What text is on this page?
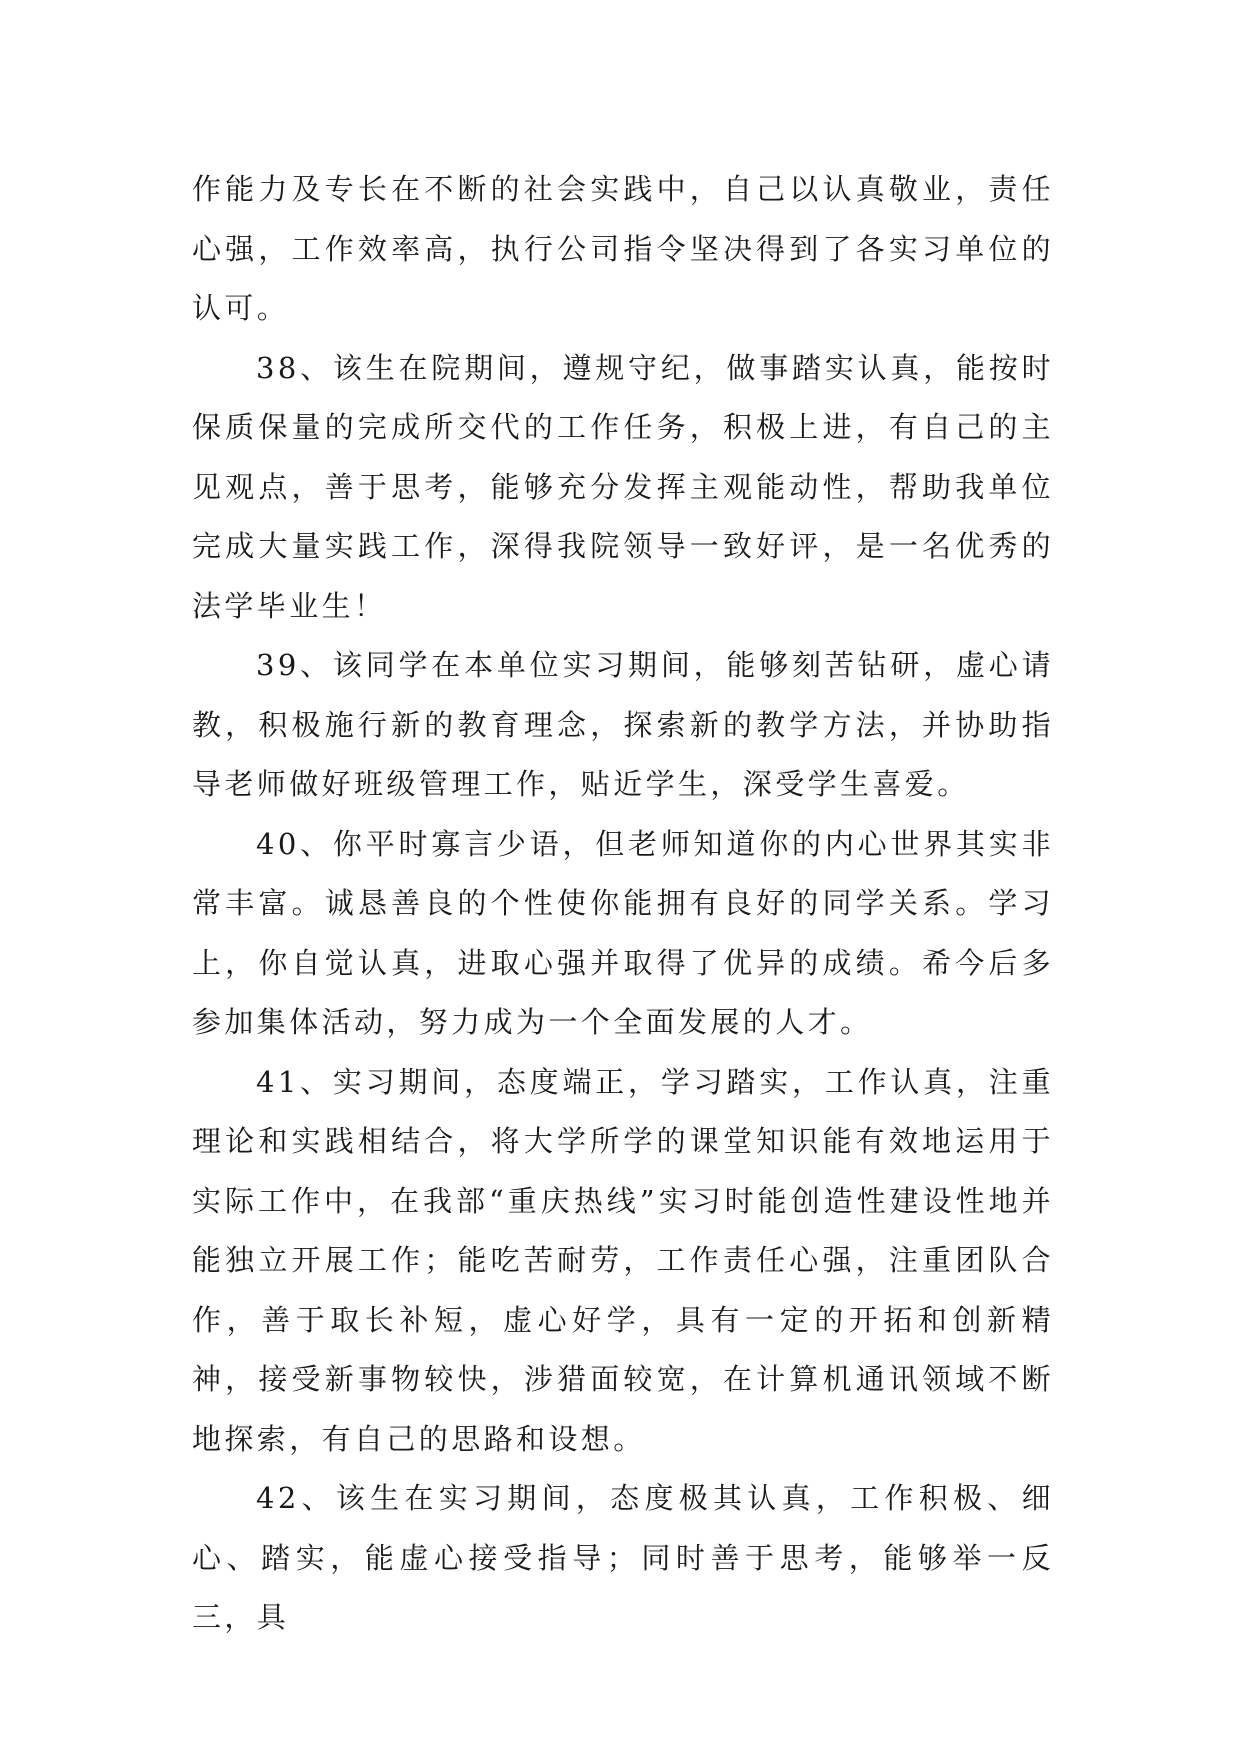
作能力及专长在不断的社会实践中，自己以认真敬业，责任心强，工作效率高，执行公司指令坚决得到了各实习单位的认可。

38、该生在院期间，遵规守纪，做事踏实认真，能按时保质保量的完成所交代的工作任务，积极上进，有自己的主见观点，善于思考，能够充分发挥主观能动性，帮助我单位完成大量实践工作，深得我院领导一致好评，是一名优秀的法学毕业生！

39、该同学在本单位实习期间，能够刻苦钻研，虚心请教，积极施行新的教育理念，探索新的教学方法，并协助指导老师做好班级管理工作，贴近学生，深受学生喜爱。

40、你平时寡言少语，但老师知道你的内心世界其实非常丰富。诚恳善良的个性使你能拥有良好的同学关系。学习上，你自觉认真，进取心强并取得了优异的成绩。希今后多参加集体活动，努力成为一个全面发展的人才。

41、实习期间，态度端正，学习踏实，工作认真，注重理论和实践相结合，将大学所学的课堂知识能有效地运用于实际工作中，在我部“重庆热线”实习时能创造性建设性地并能独立开展工作；能吃苦耐劳，工作责任心强，注重团队合作，善于取长补短，虚心好学，具有一定的开拓和创新精神，接受新事物较快，涉猎面较宽，在计算机通讯领域不断地探索，有自己的思路和设想。

42、该生在实习期间，态度极其认真，工作积极、细心、踏实，能虚心接受指导；同时善于思考，能够举一反三，具
